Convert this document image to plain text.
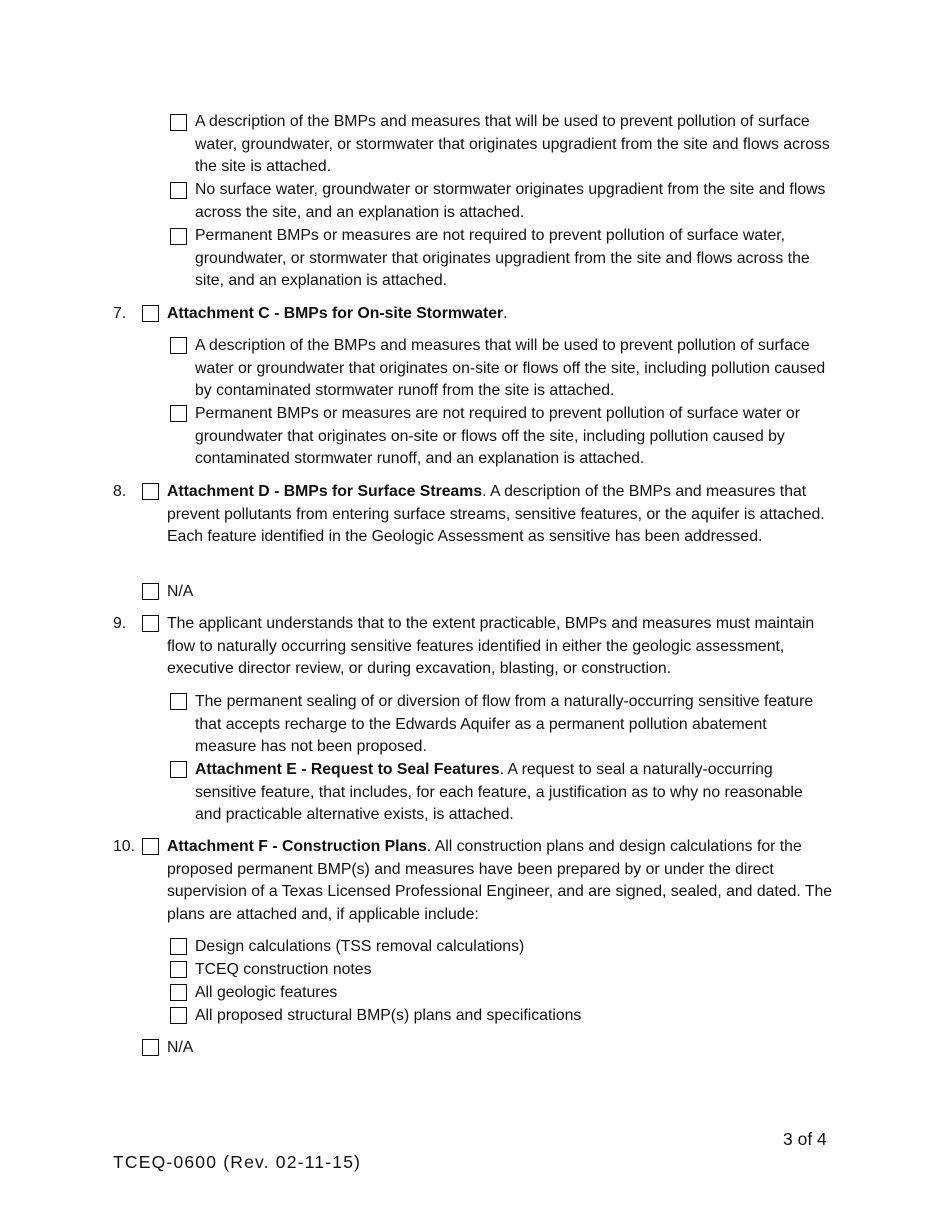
A description of the BMPs and measures that will be used to prevent pollution of surface water, groundwater, or stormwater that originates upgradient from the site and flows across the site is attached.
No surface water, groundwater or stormwater originates upgradient from the site and flows across the site, and an explanation is attached.
Permanent BMPs or measures are not required to prevent pollution of surface water, groundwater, or stormwater that originates upgradient from the site and flows across the site, and an explanation is attached.
7.	Attachment C - BMPs for On-site Stormwater.
A description of the BMPs and measures that will be used to prevent pollution of surface water or groundwater that originates on-site or flows off the site, including pollution caused by contaminated stormwater runoff from the site is attached.
Permanent BMPs or measures are not required to prevent pollution of surface water or groundwater that originates on-site or flows off the site, including pollution caused by contaminated stormwater runoff, and an explanation is attached.
8.	Attachment D - BMPs for Surface Streams. A description of the BMPs and measures that prevent pollutants from entering surface streams, sensitive features, or the aquifer is attached. Each feature identified in the Geologic Assessment as sensitive has been addressed.
N/A
9.	The applicant understands that to the extent practicable, BMPs and measures must maintain flow to naturally occurring sensitive features identified in either the geologic assessment, executive director review, or during excavation, blasting, or construction.
The permanent sealing of or diversion of flow from a naturally-occurring sensitive feature that accepts recharge to the Edwards Aquifer as a permanent pollution abatement measure has not been proposed.
Attachment E - Request to Seal Features. A request to seal a naturally-occurring sensitive feature, that includes, for each feature, a justification as to why no reasonable and practicable alternative exists, is attached.
10. Attachment F - Construction Plans. All construction plans and design calculations for the proposed permanent BMP(s) and measures have been prepared by or under the direct supervision of a Texas Licensed Professional Engineer, and are signed, sealed, and dated. The plans are attached and, if applicable include:
Design calculations (TSS removal calculations)
TCEQ construction notes
All geologic features
All proposed structural BMP(s) plans and specifications
N/A
3 of 4
TCEQ-0600 (Rev. 02-11-15)
